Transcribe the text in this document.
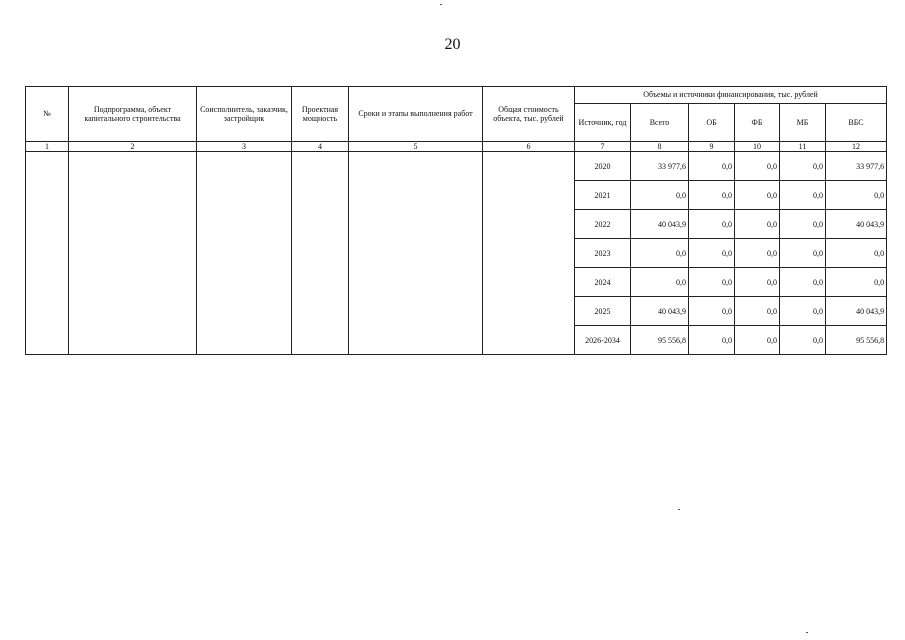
20
№	Подпрограмма, объект капитального строительства	Соисполнитель, заказчик, застройщик	Проектная мощность	Сроки и этапы выполнения работ	Общая стоимость объекта, тыс. рублей	Объемы и источники финансирования, тыс. рублей					
						Источник, год	Всего	ОБ	ФБ	МБ	ВБС
1	2	3	4	5	6	7	8	9	10	11	12
						2020	33 977,6	0,0	0,0	0,0	33 977,6
						2021	0,0	0,0	0,0	0,0	0,0
						2022	40 043,9	0,0	0,0	0,0	40 043,9
						2023	0,0	0,0	0,0	0,0	0,0
						2024	0,0	0,0	0,0	0,0	0,0
						2025	40 043,9	0,0	0,0	0,0	40 043,9
						2026-2034	95 556,8	0,0	0,0	0,0	95 556,8
